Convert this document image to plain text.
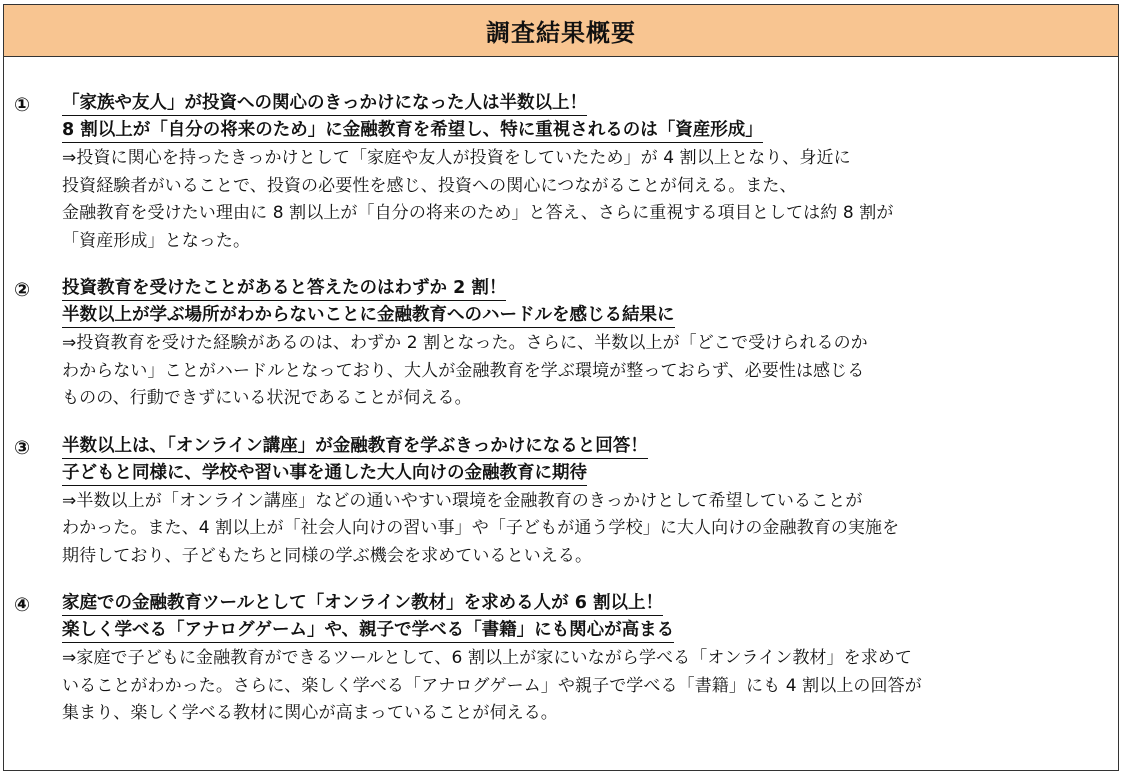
調査結果概要
① 「家族や友人」が投資への関心のきっかけになった人は半数以上！
8 割以上が「自分の将来のため」に金融教育を希望し、特に重視されるのは「資産形成」
⇒投資に関心を持ったきっかけとして「家庭や友人が投資をしていたため」が 4 割以上となり、身近に
投資経験者がいることで、投資の必要性を感じ、投資への関心につながることが伺える。また、
金融教育を受けたい理由に 8 割以上が「自分の将来のため」と答え、さらに重視する項目としては約 8 割が
「資産形成」となった。
② 投資教育を受けたことがあると答えたのはわずか 2 割！
半数以上が学ぶ場所がわからないことに金融教育へのハードルを感じる結果に
⇒投資教育を受けた経験があるのは、わずか 2 割となった。さらに、半数以上が「どこで受けられるのか
わからない」ことがハードルとなっており、大人が金融教育を学ぶ環境が整っておらず、必要性は感じる
ものの、行動できずにいる状況であることが伺える。
③ 半数以上は、「オンライン講座」が金融教育を学ぶきっかけになると回答！
子どもと同様に、学校や習い事を通した大人向けの金融教育に期待
⇒半数以上が「オンライン講座」などの通いやすい環境を金融教育のきっかけとして希望していることが
わかった。また、4 割以上が「社会人向けの習い事」や「子どもが通う学校」に大人向けの金融教育の実施を
期待しており、子どもたちと同様の学ぶ機会を求めているといえる。
④ 家庭での金融教育ツールとして「オンライン教材」を求める人が 6 割以上！
楽しく学べる「アナログゲーム」や、親子で学べる「書籍」にも関心が高まる
⇒家庭で子どもに金融教育ができるツールとして、6 割以上が家にいながら学べる「オンライン教材」を求めて
いることがわかった。さらに、楽しく学べる「アナログゲーム」や親子で学べる「書籍」にも 4 割以上の回答が
集まり、楽しく学べる教材に関心が高まっていることが伺える。
